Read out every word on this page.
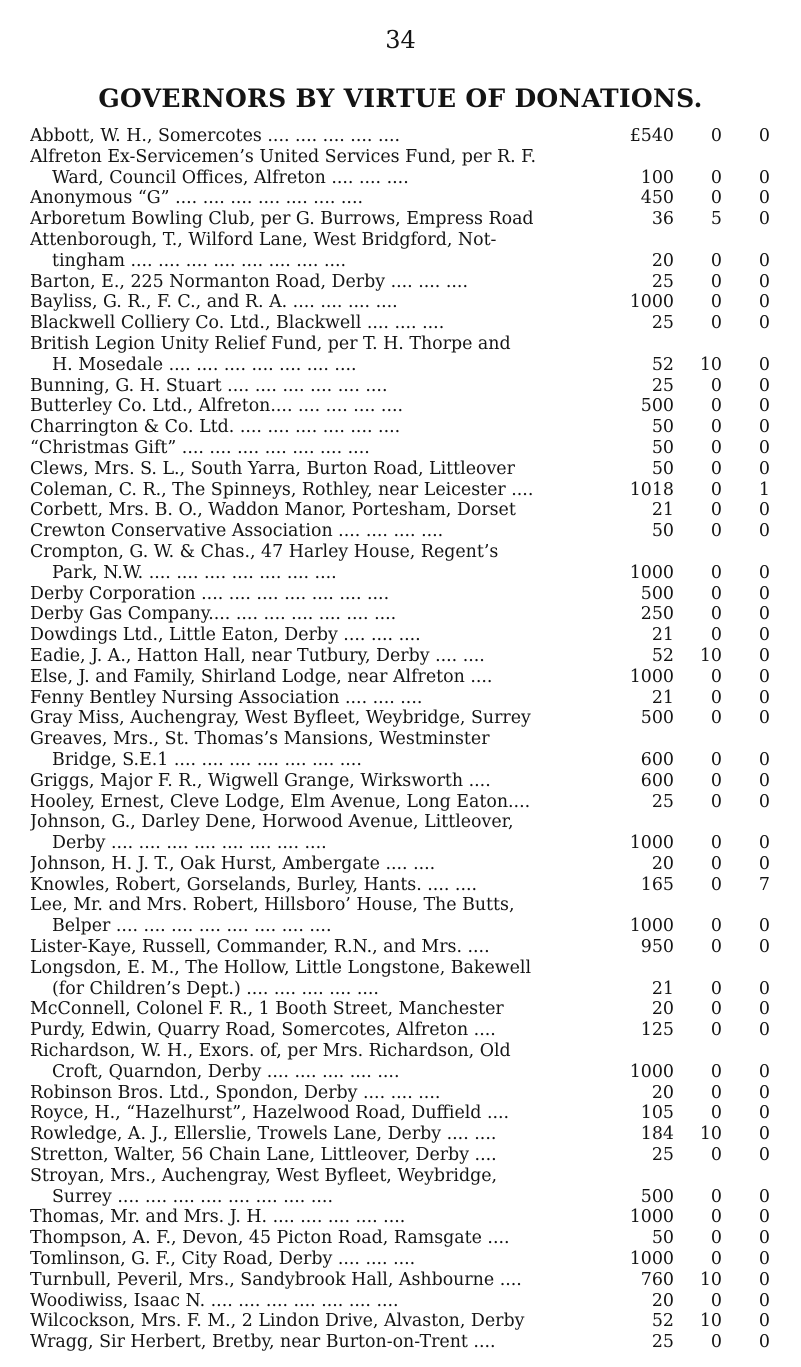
34
GOVERNORS BY VIRTUE OF DONATIONS.
Abbott, W. H., Somercotes .... .... .... .... ....	£540	0	0
Alfreton Ex-Servicemen’s United Services Fund, per R. F.
Ward, Council Offices, Alfreton .... .... ....	100	0	0
Anonymous “G” .... .... .... .... .... .... ....	450	0	0
Arboretum Bowling Club, per G. Burrows, Empress Road	36	5	0
Attenborough, T., Wilford Lane, West Bridgford, Not-
tingham .... .... .... .... .... .... .... ....	20	0	0
Barton, E., 225 Normanton Road, Derby .... .... ....	25	0	0
Bayliss, G. R., F. C., and R. A. .... .... .... ....	1000	0	0
Blackwell Colliery Co. Ltd., Blackwell .... .... ....	25	0	0
British Legion Unity Relief Fund, per T. H. Thorpe and
H. Mosedale .... .... .... .... .... .... ....	52	10	0
Bunning, G. H. Stuart .... .... .... .... .... ....	25	0	0
Butterley Co. Ltd., Alfreton.... .... .... .... ....	500	0	0
Charrington & Co. Ltd. .... .... .... .... .... ....	50	0	0
“Christmas Gift” .... .... .... .... .... .... ....	50	0	0
Clews, Mrs. S. L., South Yarra, Burton Road, Littleover	50	0	0
Coleman, C. R., The Spinneys, Rothley, near Leicester ....	1018	0	1
Corbett, Mrs. B. O., Waddon Manor, Portesham, Dorset	21	0	0
Crewton Conservative Association .... .... .... ....	50	0	0
Crompton, G. W. & Chas., 47 Harley House, Regent’s
Park, N.W. .... .... .... .... .... .... ....	1000	0	0
Derby Corporation .... .... .... .... .... .... ....	500	0	0
Derby Gas Company.... .... .... .... .... .... ....	250	0	0
Dowdings Ltd., Little Eaton, Derby .... .... ....	21	0	0
Eadie, J. A., Hatton Hall, near Tutbury, Derby .... ....	52	10	0
Else, J. and Family, Shirland Lodge, near Alfreton ....	1000	0	0
Fenny Bentley Nursing Association .... .... ....	21	0	0
Gray Miss, Auchengray, West Byfleet, Weybridge, Surrey	500	0	0
Greaves, Mrs., St. Thomas’s Mansions, Westminster
Bridge, S.E.1 .... .... .... .... .... .... ....	600	0	0
Griggs, Major F. R., Wigwell Grange, Wirksworth ....	600	0	0
Hooley, Ernest, Cleve Lodge, Elm Avenue, Long Eaton....	25	0	0
Johnson, G., Darley Dene, Horwood Avenue, Littleover,
Derby .... .... .... .... .... .... .... ....	1000	0	0
Johnson, H. J. T., Oak Hurst, Ambergate .... ....	20	0	0
Knowles, Robert, Gorselands, Burley, Hants. .... ....	165	0	7
Lee, Mr. and Mrs. Robert, Hillsboro’ House, The Butts,
Belper .... .... .... .... .... .... .... ....	1000	0	0
Lister-Kaye, Russell, Commander, R.N., and Mrs. ....	950	0	0
Longsdon, E. M., The Hollow, Little Longstone, Bakewell
(for Children’s Dept.) .... .... .... .... ....	21	0	0
McConnell, Colonel F. R., 1 Booth Street, Manchester	20	0	0
Purdy, Edwin, Quarry Road, Somercotes, Alfreton ....	125	0	0
Richardson, W. H., Exors. of, per Mrs. Richardson, Old
Croft, Quarndon, Derby .... .... .... .... ....	1000	0	0
Robinson Bros. Ltd., Spondon, Derby .... .... ....	20	0	0
Royce, H., “Hazelhurst”, Hazelwood Road, Duffield ....	105	0	0
Rowledge, A. J., Ellerslie, Trowels Lane, Derby .... ....	184	10	0
Stretton, Walter, 56 Chain Lane, Littleover, Derby ....	25	0	0
Stroyan, Mrs., Auchengray, West Byfleet, Weybridge,
Surrey .... .... .... .... .... .... .... ....	500	0	0
Thomas, Mr. and Mrs. J. H. .... .... .... .... ....	1000	0	0
Thompson, A. F., Devon, 45 Picton Road, Ramsgate ....	50	0	0
Tomlinson, G. F., City Road, Derby .... .... ....	1000	0	0
Turnbull, Peveril, Mrs., Sandybrook Hall, Ashbourne ....	760	10	0
Woodiwiss, Isaac N. .... .... .... .... .... .... ....	20	0	0
Wilcockson, Mrs. F. M., 2 Lindon Drive, Alvaston, Derby	52	10	0
Wragg, Sir Herbert, Bretby, near Burton-on-Trent ....	25	0	0
